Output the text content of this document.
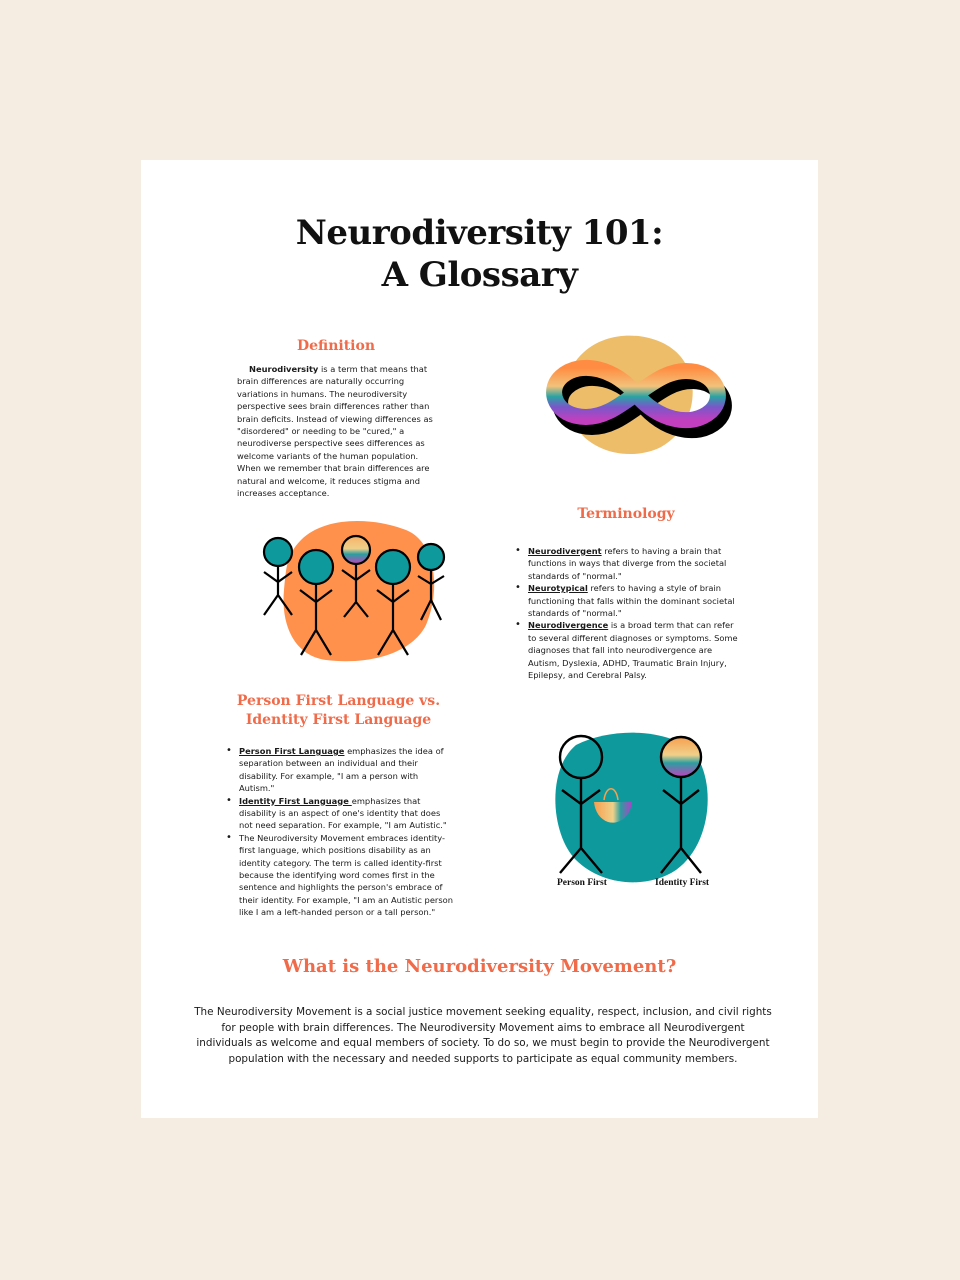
Neurodiversity 101:
A Glossary
Definition
Neurodiversity is a term that means that brain differences are naturally occurring variations in humans. The neurodiversity perspective sees brain differences rather than brain deficits. Instead of viewing differences as "disordered" or needing to be "cured," a neurodiverse perspective sees differences as welcome variants of the human population. When we remember that brain differences are natural and welcome, it reduces stigma and increases acceptance.
Terminology
• Neurodivergent refers to having a brain that functions in ways that diverge from the societal standards of "normal."
• Neurotypical refers to having a style of brain functioning that falls within the dominant societal standards of "normal."
• Neurodivergence is a broad term that can refer to several different diagnoses or symptoms. Some diagnoses that fall into neurodivergence are Autism, Dyslexia, ADHD, Traumatic Brain Injury, Epilepsy, and Cerebral Palsy.
Person First Language vs.
Identity First Language
• Person First Language emphasizes the idea of separation between an individual and their disability. For example, "I am a person with Autism."
• Identity First Language emphasizes that disability is an aspect of one's identity that does not need separation. For example, "I am Autistic."
• The Neurodiversity Movement embraces identity-first language, which positions disability as an identity category. The term is called identity-first because the identifying word comes first in the sentence and highlights the person's embrace of their identity. For example, "I am an Autistic person like I am a left-handed person or a tall person."
Person First	Identity First
What is the Neurodiversity Movement?
The Neurodiversity Movement is a social justice movement seeking equality, respect, inclusion, and civil rights for people with brain differences. The Neurodiversity Movement aims to embrace all Neurodivergent individuals as welcome and equal members of society. To do so, we must begin to provide the Neurodivergent population with the necessary and needed supports to participate as equal community members.
